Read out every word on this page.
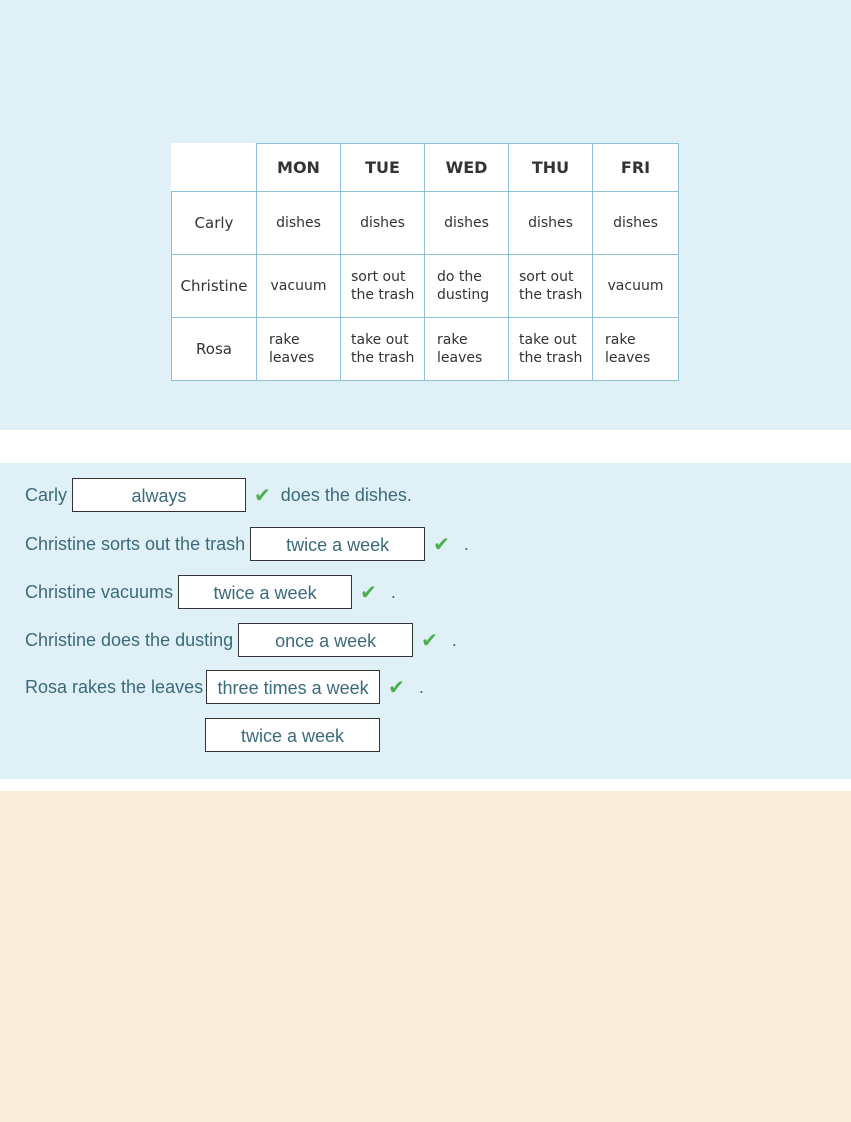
	MON	TUE	WED	THU	FRI
Carly	dishes	dishes	dishes	dishes	dishes
Christine	vacuum	sort out the trash	do the dusting	sort out the trash	vacuum
Rosa	rake leaves	take out the trash	rake leaves	take out the trash	rake leaves
Carly	always	✔ does the dishes.
Christine sorts out the trash	twice a week	✔ .
Christine vacuums	twice a week	✔ .
Christine does the dusting	once a week	✔ .
Rosa rakes the leaves three times a week ✔ .
twice a week
